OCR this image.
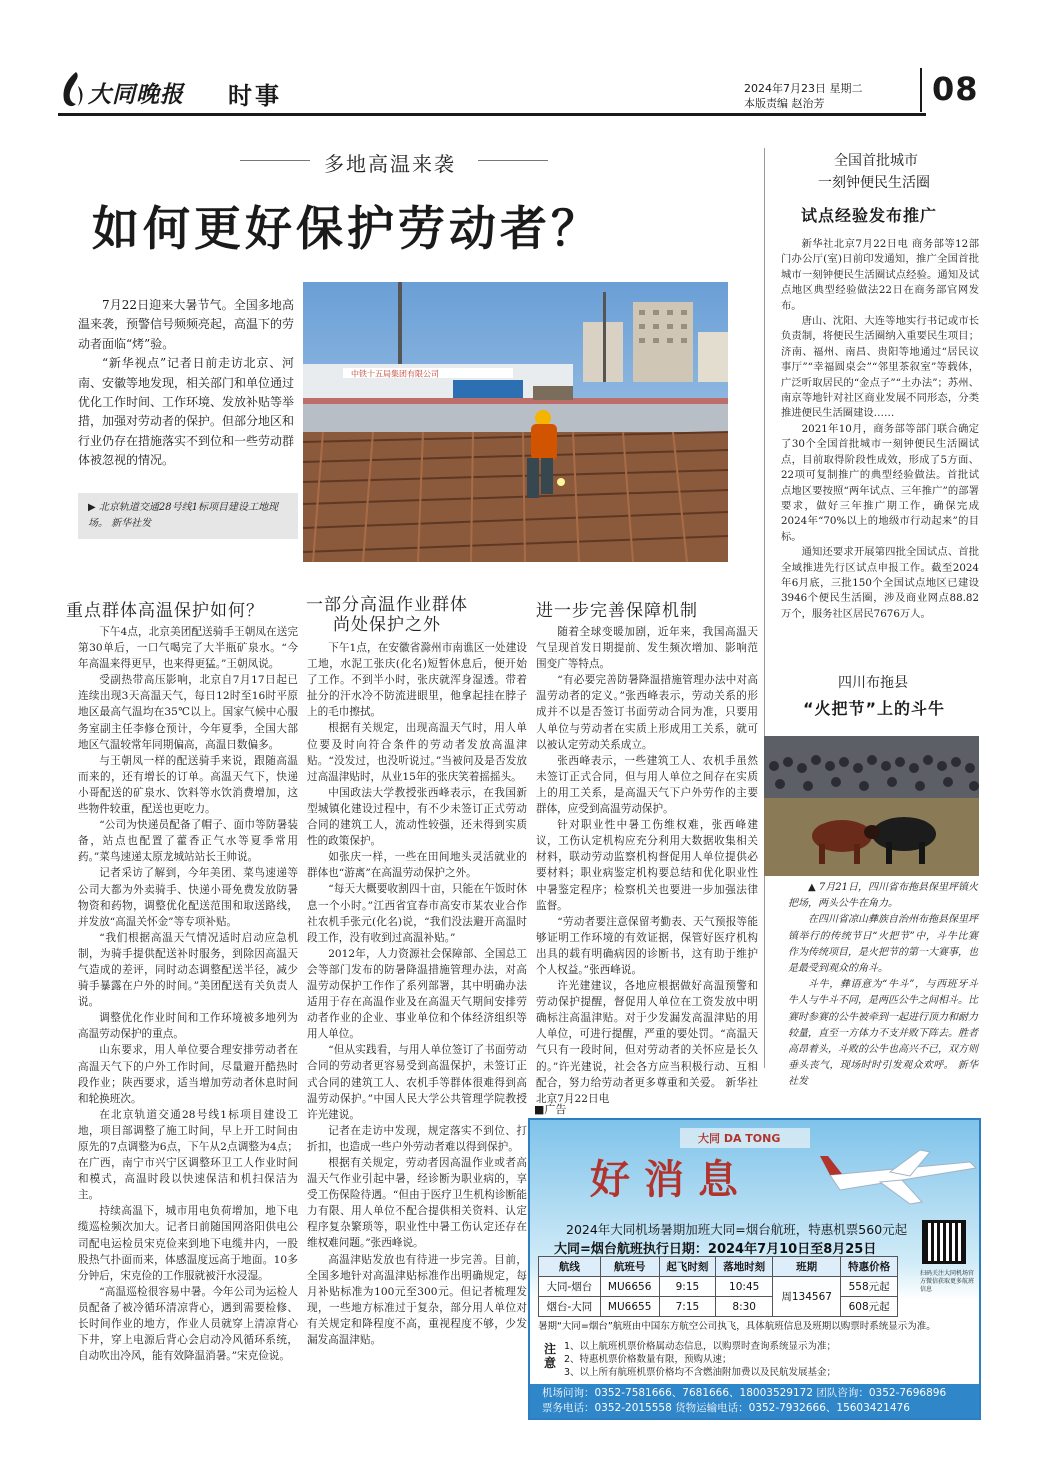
大同晚报 时事	2024年7月23日 星期二
本版责编 赵治芳	08
多地高温来袭
如何更好保护劳动者？

7月22日迎来大暑节气。全国多地高温来袭，预警信号频频亮起，高温下的劳动者面临“烤”验。

“新华视点”记者日前走访北京、河南、安徽等地发现，相关部门和单位通过优化工作时间、工作环境、发放补贴等举措，加强对劳动者的保护。但部分地区和行业仍存在措施落实不到位和一些劳动群体被忽视的情况。

中铁十五局集团有限公司
▶ 北京轨道交通28号线1标项目建设工地现场。 新华社发
重点群体高温保护如何？

下午4点，北京美团配送骑手王朝凤在送完第30单后，一口气喝完了大半瓶矿泉水。“今年高温来得更早，也来得更猛。”王朝凤说。

受副热带高压影响，北京自7月17日起已连续出现3天高温天气，每日12时至16时平原地区最高气温均在35℃以上。国家气候中心服务室副主任李修仓预计，今年夏季，全国大部地区气温较常年同期偏高，高温日数偏多。

与王朝凤一样的配送骑手来说，跟随高温而来的，还有增长的订单。高温天气下，快递小哥配送的矿泉水、饮料等水饮消费增加，这些物件较重，配送也更吃力。

“公司为快递员配备了帽子、面巾等防暑装备，站点也配置了藿香正气水等夏季常用药。”菜鸟速递太原龙城站站长王帅说。

记者采访了解到，今年美团、菜鸟速递等公司大都为外卖骑手、快递小哥免费发放防暑物资和药物，调整优化配送范围和取送路线，并发放“高温关怀金”等专项补贴。

“我们根据高温天气情况适时启动应急机制，为骑手提供配送补时服务，到除因高温天气造成的差评，同时动态调整配送半径，减少骑手暴露在户外的时间。”美团配送有关负责人说。

调整优化作业时间和工作环境被多地列为高温劳动保护的重点。

山东要求，用人单位要合理安排劳动者在高温天气下的户外工作时间，尽量避开酷热时段作业；陕西要求，适当增加劳动者休息时间和轮换班次。

在北京轨道交通28号线1标项目建设工地，项目部调整了施工时间，早上开工时间由原先的7点调整为6点，下午从2点调整为4点；在广西，南宁市兴宁区调整环卫工人作业时间和模式，高温时段以快速保洁和机扫保洁为主。

持续高温下，城市用电负荷增加，地下电缆巡检频次加大。记者日前随国网洛阳供电公司配电运检员宋克俭来到地下电缆井内，一股股热气扑面而来，体感温度远高于地面。10多分钟后，宋克俭的工作服就被汗水浸湿。

“高温巡检很容易中暑。今年公司为运检人员配备了被冷循环清凉背心，遇到需要检修、长时间作业的地方，作业人员就穿上清凉背心下井，穿上电源后背心会启动冷风循环系统，自动吹出冷风，能有效降温消暑。”宋克俭说。

一部分高温作业群体
尚处保护之外

下午1点，在安徽省滁州市南谯区一处建设工地，水泥工张庆(化名)短暂休息后，便开始了工作。不到半小时，张庆就浑身湿透。带着扯分的汗水冷不防流进眼里，他拿起挂在脖子上的毛巾擦拭。

根据有关规定，出现高温天气时，用人单位要及时向符合条件的劳动者发放高温津贴。“没发过，也没听说过。”当被问及是否发放过高温津贴时，从业15年的张庆笑着摇摇头。

中国政法大学教授张西峰表示，在我国新型城镇化建设过程中，有不少未签订正式劳动合同的建筑工人，流动性较强，还未得到实质性的政策保护。

如张庆一样，一些在田间地头灵活就业的群体也“游离”在高温劳动保护之外。

“每天大概要收割四十亩，只能在午饭时休息一个小时。”江西省宜春市高安市某农业合作社农机手张元(化名)说，“我们没法避开高温时段工作，没有收到过高温补贴。”

2012年，人力资源社会保障部、全国总工会等部门发布的防暑降温措施管理办法，对高温劳动保护工作作了系列部署，其中明确办法适用于存在高温作业及在高温天气期间安排劳动者作业的企业、事业单位和个体经济组织等用人单位。

“但从实践看，与用人单位签订了书面劳动合同的劳动者更容易受到高温保护，未签订正式合同的建筑工人、农机手等群体很难得到高温劳动保护。”中国人民大学公共管理学院教授许光建说。

记者在走访中发现，规定落实不到位、打折扣，也造成一些户外劳动者难以得到保护。

根据有关规定，劳动者因高温作业或者高温天气作业引起中暑，经诊断为职业病的，享受工伤保险待遇。“但由于医疗卫生机构诊断能力有限、用人单位不配合提供相关资料、认定程序复杂繁琐等，职业性中暑工伤认定还存在维权难问题。”张西峰说。

高温津贴发放也有待进一步完善。目前，全国多地针对高温津贴标准作出明确规定，每月补贴标准为100元至300元。但记者梳理发现，一些地方标准过于复杂，部分用人单位对有关规定和降程度不高，重视程度不够，少发漏发高温津贴。

进一步完善保障机制

随着全球变暖加剧，近年来，我国高温天气呈现首发日期提前、发生频次增加、影响范围变广等特点。

“有必要完善防暑降温措施管理办法中对高温劳动者的定义。”张西峰表示，劳动关系的形成并不以是否签订书面劳动合同为准，只要用人单位与劳动者在实质上形成用工关系，就可以被认定劳动关系成立。

张西峰表示，一些建筑工人、农机手虽然未签订正式合同，但与用人单位之间存在实质上的用工关系，是高温天气下户外劳作的主要群体，应受到高温劳动保护。

针对职业性中暑工伤维权难，张西峰建议，工伤认定机构应充分利用大数据收集相关材料，联动劳动监察机构督促用人单位提供必要材料；职业病鉴定机构要总结和优化职业性中暑鉴定程序；检察机关也要进一步加强法律监督。

“劳动者要注意保留考勤表、天气预报等能够证明工作环境的有效证据，保管好医疗机构出具的载有明确病因的诊断书，这有助于维护个人权益。”张西峰说。

许光建建议，各地应根据做好高温预警和劳动保护提醒，督促用人单位在工资发放中明确标注高温津贴。对于少发漏发高温津贴的用人单位，可进行提醒，严重的要处罚。“高温天气只有一段时间，但对劳动者的关怀应是长久的。”许光建说，社会各方应当积极行动、互相配合，努力给劳动者更多尊重和关爱。 新华社北京7月22日电

全国首批城市
一刻钟便民生活圈
试点经验发布推广

新华社北京7月22日电 商务部等12部门办公厅(室)日前印发通知，推广全国首批城市一刻钟便民生活圈试点经验。通知及试点地区典型经验做法22日在商务部官网发布。

唐山、沈阳、大连等地实行书记或市长负责制，将便民生活圈纳入重要民生项目；济南、福州、南昌、贵阳等地通过“居民议事厅”“幸福圆桌会”“邻里茶叙室”等载体，广泛听取居民的“金点子”“土办法”；苏州、南京等地针对社区商业发展不同形态，分类推进便民生活圈建设……

2021年10月，商务部等部门联合确定了30个全国首批城市一刻钟便民生活圈试点，目前取得阶段性成效，形成了5方面、22项可复制推广的典型经验做法。首批试点地区要按照“两年试点、三年推广”的部署要求，做好三年推广期工作，确保完成2024年“70%以上的地级市行动起来”的目标。

通知还要求开展第四批全国试点、首批全域推进先行区试点申报工作。截至2024年6月底，三批150个全国试点地区已建设3946个便民生活圈，涉及商业网点88.82万个，服务社区居民7676万人。

四川布拖县
“火把节”上的斗牛

▲ 7月21日，四川省布拖县保里坪镇火把场，两头公牛在角力。

在四川省凉山彝族自治州布拖县保里坪镇举行的传统节日“火把节”中，斗牛比赛作为传统项目，是火把节的第一大赛事，也是最受到观众的角斗。

斗牛，彝语意为“牛斗”，与西班牙斗牛人与牛斗不同，是两匹公牛之间相斗。比赛时参赛的公牛被牵到一起进行顶力和耐力较量，直至一方体力不支并败下阵去。胜者高昂着头，斗败的公牛也高兴不已，双方则垂头丧气，现场时时引发观众欢呼。 新华社发

■广告
大同 DA TONG
好消息
2024年大同机场暑期加班大同=烟台航班，特惠机票560元起
大同=烟台航班执行日期：2024年7月10日至8月25日
航线	航班号	起飞时刻	落地时刻	班期	特惠价格
大同-烟台	MU6656	9:15	10:45	周134567	558元起
烟台-大同	MU6655	7:15	8:30		608元起
扫码关注大同机场官方微信获取更多航班信息
暑期“大同=烟台”航班由中国东方航空公司执飞，具体航班信息及班期以购票时系统显示为准。
注意
1、以上航班机票价格属动态信息，以购票时查询系统显示为准；
2、特惠机票价格数量有限，预购从速；
3、以上所有航班机票价格均不含燃油附加费以及民航发展基金；
机场问询：0352-7581666、7681666、18003529172 团队咨询：0352-7696896
票务电话：0352-2015558 货物运输电话：0352-7932666、15603421476
